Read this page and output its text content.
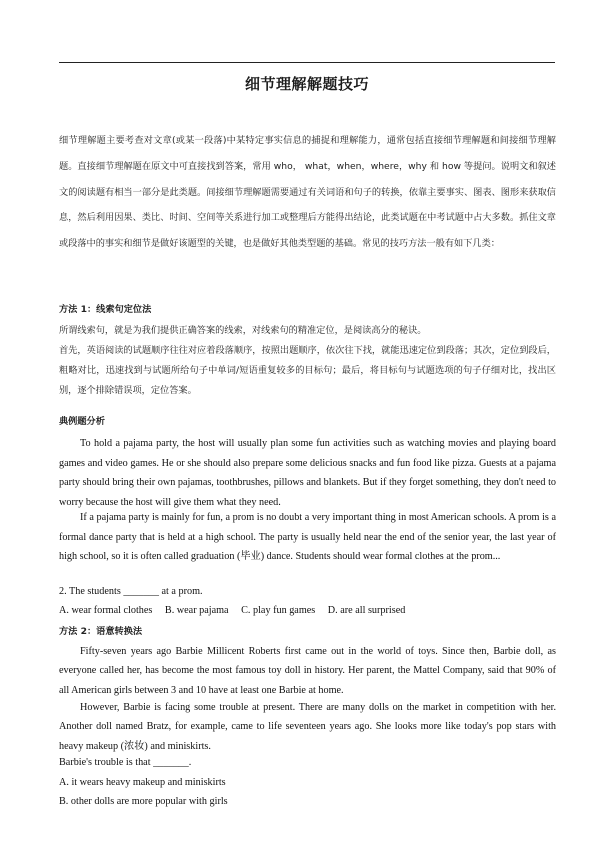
细节理解解题技巧
细节理解题主要考查对文章(或某一段落)中某特定事实信息的捕捉和理解能力，通常包括直接细节理解题和间接细节理解题。直接细节理解题在原文中可直接找到答案，常用 who， what，when，where，why 和 how 等提问。说明文和叙述文的阅读题有相当一部分是此类题。间接细节理解题需要通过有关词语和句子的转换，依靠主要事实、图表、图形来获取信息，然后利用因果、类比、时间、空间等关系进行加工或整理后方能得出结论，此类试题在中考试题中占大多数。抓住文章或段落中的事实和细节是做好该题型的关键，也是做好其他类型题的基础。常见的技巧方法一般有如下几类：
方法 1：线索句定位法
所谓线索句，就是为我们提供正确答案的线索，对线索句的精准定位，是阅读高分的秘诀。
首先，英语阅读的试题顺序往往对应着段落顺序，按照出题顺序，依次往下找，就能迅速定位到段落；其次，定位到段后，粗略对比，迅速找到与试题所给句子中单词/短语重复较多的目标句；最后，将目标句与试题选项的句子仔细对比，找出区别，逐个排除错误项，定位答案。
典例题分析
To hold a pajama party, the host will usually plan some fun activities such as watching movies and playing board games and video games. He or she should also prepare some delicious snacks and fun food like pizza. Guests at a pajama party should bring their own pajamas, toothbrushes, pillows and blankets. But if they forget something, they don't need to worry because the host will give them what they need.
If a pajama party is mainly for fun, a prom is no doubt a very important thing in most American schools. A prom is a formal dance party that is held at a high school. The party is usually held near the end of the senior year, the last year of high school, so it is often called graduation (毕业) dance. Students should wear formal clothes at the prom...
2. The students _______ at a prom.
A. wear formal clothes B. wear pajama C. play fun games D. are all surprised
方法 2：语意转换法
Fifty-seven years ago Barbie Millicent Roberts first came out in the world of toys. Since then, Barbie doll, as everyone called her, has become the most famous toy doll in history. Her parent, the Mattel Company, said that 90% of all American girls between 3 and 10 have at least one Barbie at home.
However, Barbie is facing some trouble at present. There are many dolls on the market in competition with her. Another doll named Bratz, for example, came to life seventeen years ago. She looks more like today's pop stars with heavy makeup (浓妆) and miniskirts.
Barbie's trouble is that _______.
A. it wears heavy makeup and miniskirts
B. other dolls are more popular with girls
